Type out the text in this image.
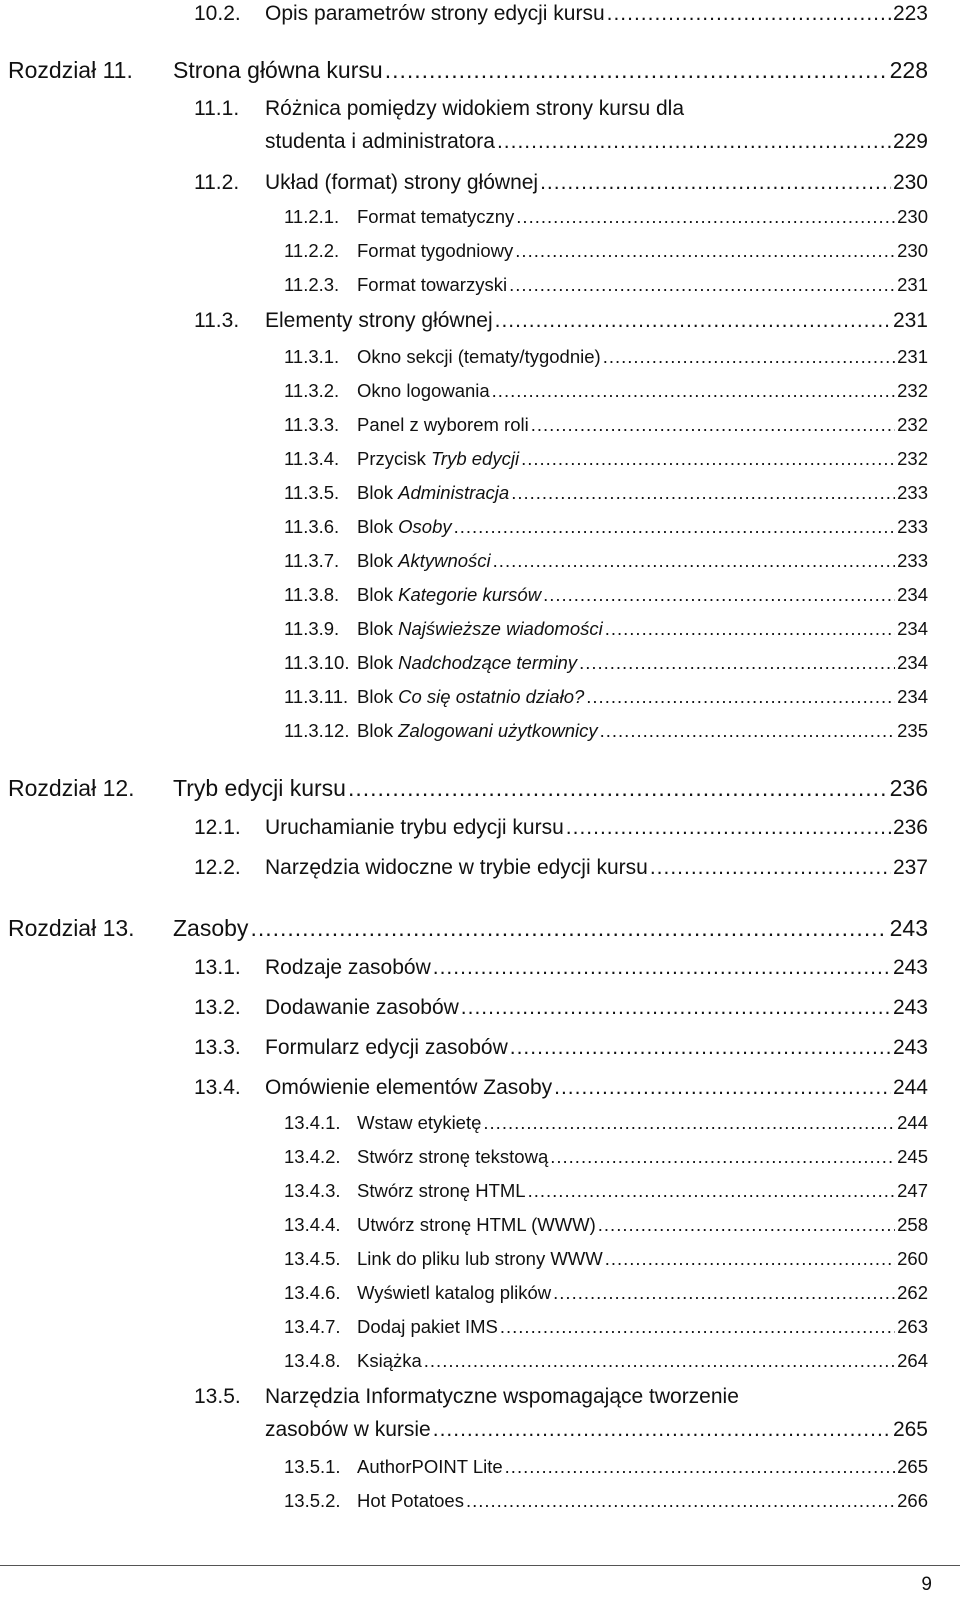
10.2. Opis parametrów strony edycji kursu .....	223
Rozdział 11. Strona główna kursu .....	228
11.1. Różnica pomiędzy widokiem strony kursu dla
studenta i administratora .....	229
11.2. Układ (format) strony głównej .....	230
11.2.1. Format tematyczny .....	230
11.2.2. Format tygodniowy .....	230
11.2.3. Format towarzyski .....	231
11.3. Elementy strony głównej .....	231
11.3.1. Okno sekcji (tematy/tygodnie) .....	231
11.3.2. Okno logowania .....	232
11.3.3. Panel z wyborem roli .....	232
11.3.4. Przycisk Tryb edycji .....	232
11.3.5. Blok Administracja .....	233
11.3.6. Blok Osoby .....	233
11.3.7. Blok Aktywności .....	233
11.3.8. Blok Kategorie kursów .....	234
11.3.9. Blok Najświeższe wiadomości .....	234
11.3.10. Blok Nadchodzące terminy .....	234
11.3.11. Blok Co się ostatnio działo? .....	234
11.3.12. Blok Zalogowani użytkownicy .....	235
Rozdział 12. Tryb edycji kursu .....	236
12.1. Uruchamianie trybu edycji kursu .....	236
12.2. Narzędzia widoczne w trybie edycji kursu .....	237
Rozdział 13. Zasoby .....	243
13.1. Rodzaje zasobów .....	243
13.2. Dodawanie zasobów .....	243
13.3. Formularz edycji zasobów .....	243
13.4. Omówienie elementów Zasoby .....	244
13.4.1. Wstaw etykietę .....	244
13.4.2. Stwórz stronę tekstową .....	245
13.4.3. Stwórz stronę HTML .....	247
13.4.4. Utwórz stronę HTML (WWW) .....	258
13.4.5. Link do pliku lub strony WWW .....	260
13.4.6. Wyświetl katalog plików .....	262
13.4.7. Dodaj pakiet IMS .....	263
13.4.8. Książka .....	264
13.5. Narzędzia Informatyczne wspomagające tworzenie
zasobów w kursie .....	265
13.5.1. AuthorPOINT Lite .....	265
13.5.2. Hot Potatoes .....	266
9
